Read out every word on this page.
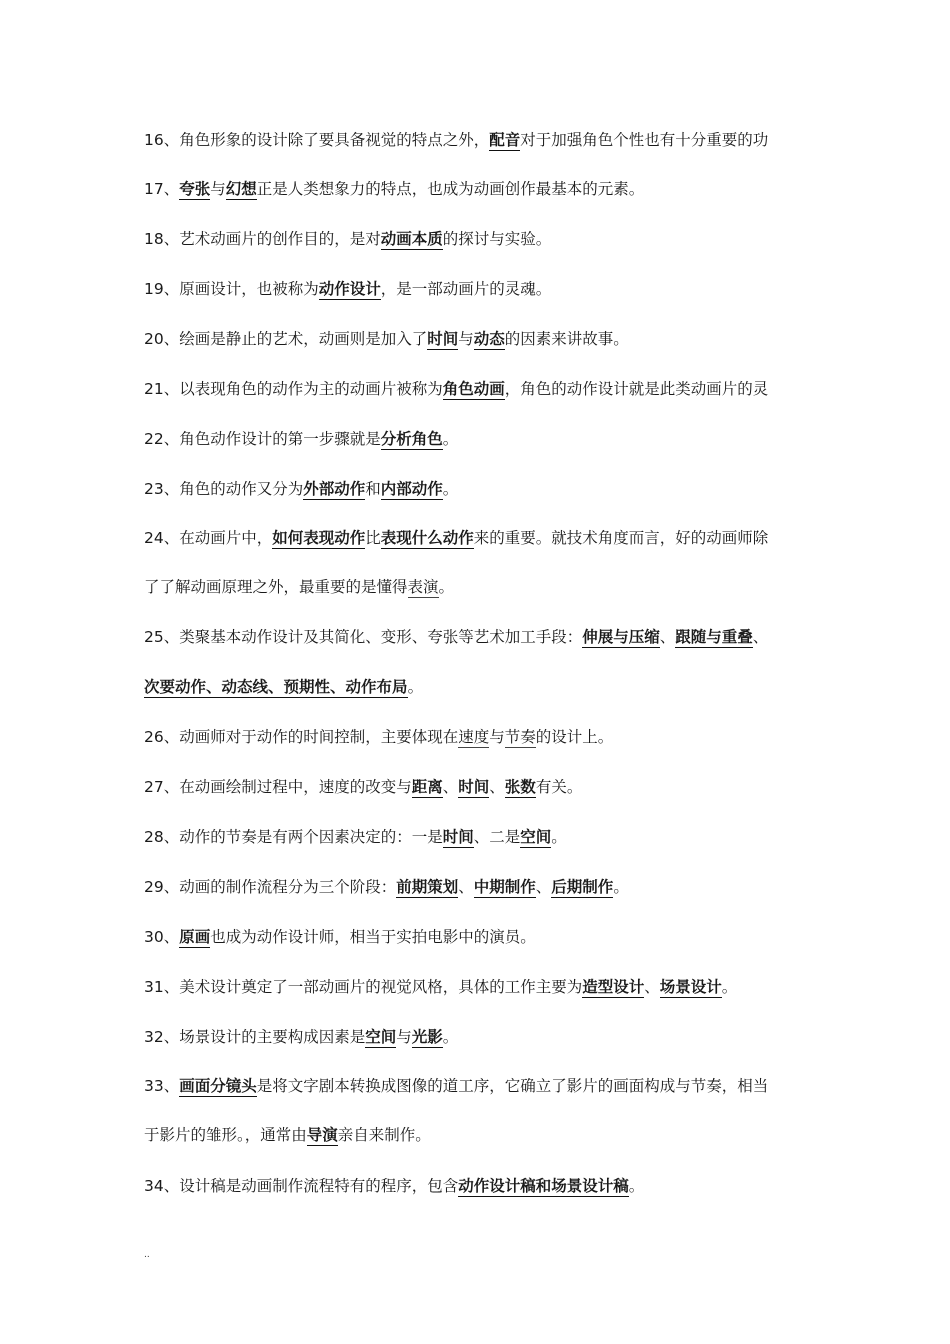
16、角色形象的设计除了要具备视觉的特点之外，配音对于加强角色个性也有十分重要的功
17、夸张与幻想正是人类想象力的特点，也成为动画创作最基本的元素。
18、艺术动画片的创作目的，是对动画本质的探讨与实验。
19、原画设计，也被称为动作设计，是一部动画片的灵魂。
20、绘画是静止的艺术，动画则是加入了时间与动态的因素来讲故事。
21、以表现角色的动作为主的动画片被称为角色动画，角色的动作设计就是此类动画片的灵
22、角色动作设计的第一步骤就是分析角色。
23、角色的动作又分为外部动作和内部动作。
24、在动画片中，如何表现动作比表现什么动作来的重要。就技术角度而言，好的动画师除
了了解动画原理之外，最重要的是懂得表演。
25、类聚基本动作设计及其简化、变形、夸张等艺术加工手段：伸展与压缩、跟随与重叠、
次要动作、动态线、预期性、动作布局。
26、动画师对于动作的时间控制，主要体现在速度与节奏的设计上。
27、在动画绘制过程中，速度的改变与距离、时间、张数有关。
28、动作的节奏是有两个因素决定的：一是时间、二是空间。
29、动画的制作流程分为三个阶段：前期策划、中期制作、后期制作。
30、原画也成为动作设计师，相当于实拍电影中的演员。
31、美术设计奠定了一部动画片的视觉风格，具体的工作主要为造型设计、场景设计。
32、场景设计的主要构成因素是空间与光影。
33、画面分镜头是将文字剧本转换成图像的道工序，它确立了影片的画面构成与节奏，相当
于影片的雏形。，通常由导演亲自来制作。
34、设计稿是动画制作流程特有的程序，包含动作设计稿和场景设计稿。
..
